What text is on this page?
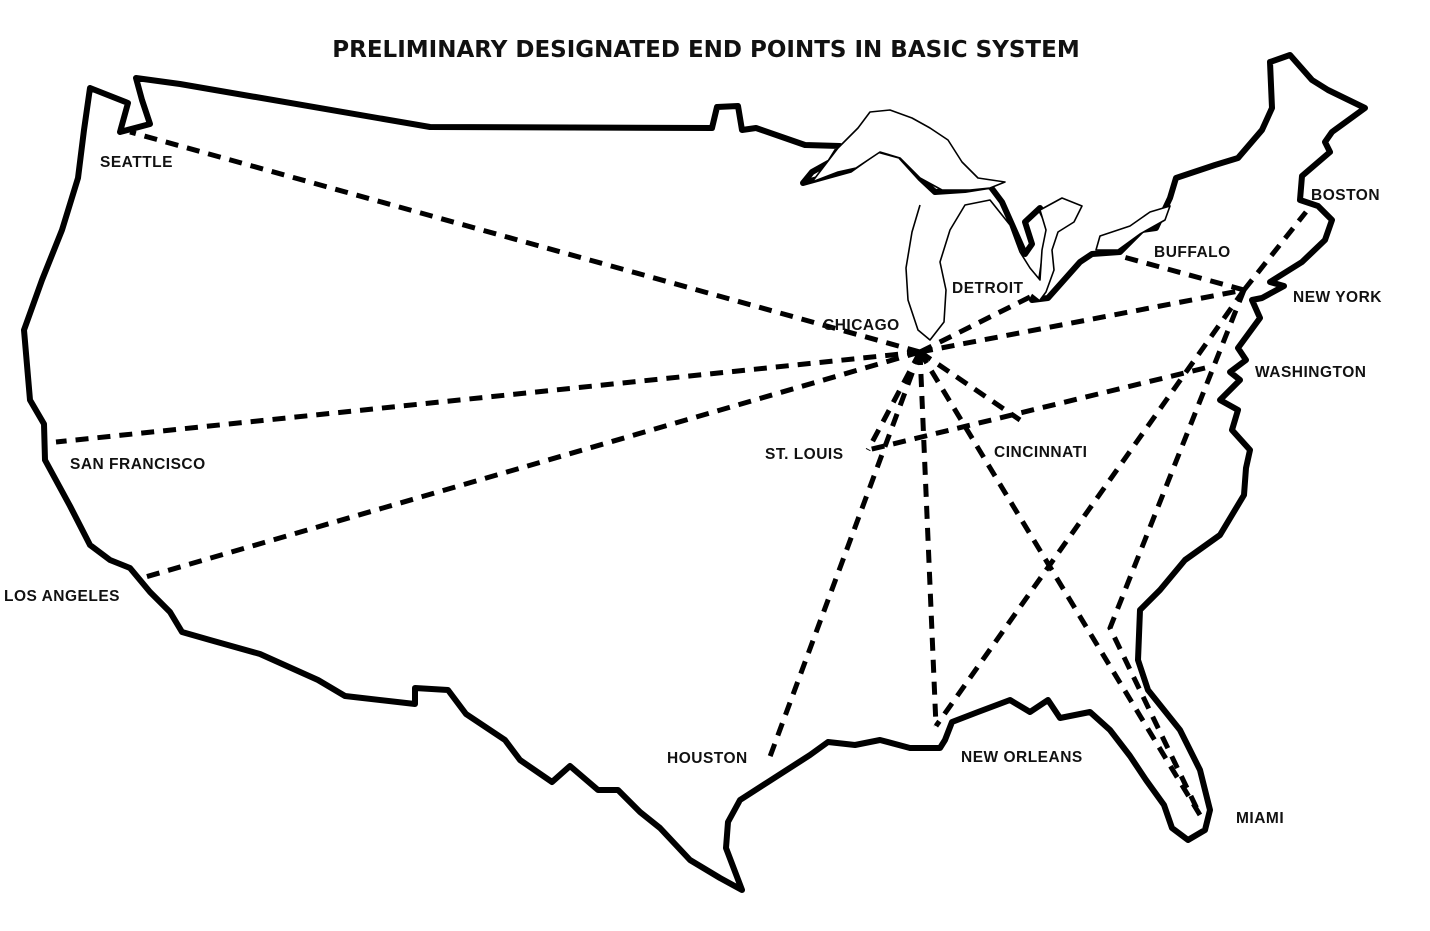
PRELIMINARY DESIGNATED END POINTS IN BASIC SYSTEM
SEATTLE
SAN FRANCISCO
LOS ANGELES
CHICAGO
DETROIT
ST. LOUIS	CINCINNATI
HOUSTON	NEW ORLEANS
MIAMI
BUFFALO
BOSTON
NEW YORK
WASHINGTON
